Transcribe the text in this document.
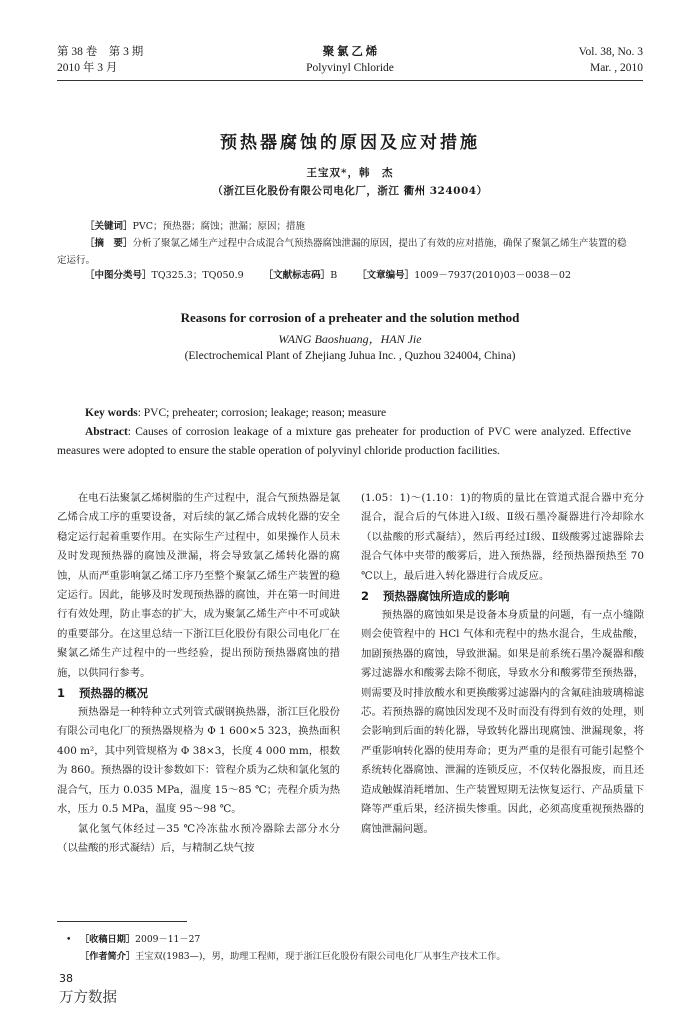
第 38 卷　第 3 期
2010 年 3 月
聚 氯 乙 烯
Polyvinyl Chloride
Vol. 38, No. 3
Mar. , 2010
预热器腐蚀的原因及应对措施
王宝双*，韩　杰
（浙江巨化股份有限公司电化厂，浙江 衢州 324004）
［关键词］PVC；预热器；腐蚀；泄漏；原因；措施
［摘　要］分析了聚氯乙烯生产过程中合成混合气预热器腐蚀泄漏的原因，提出了有效的应对措施，确保了聚氯乙烯生产装置的稳定运行。
［中图分类号］TQ325.3；TQ050.9 ［文献标志码］B ［文章编号］1009－7937(2010)03－0038－02
Reasons for corrosion of a preheater and the solution method
WANG Baoshuang，HAN Jie
(Electrochemical Plant of Zhejiang Juhua Inc. , Quzhou 324004, China)
Key words: PVC; preheater; corrosion; leakage; reason; measure
Abstract: Causes of corrosion leakage of a mixture gas preheater for production of PVC were analyzed. Effective measures were adopted to ensure the stable operation of polyvinyl chloride production facilities.

在电石法聚氯乙烯树脂的生产过程中，混合气预热器是氯乙烯合成工序的重要设备，对后续的氯乙烯合成转化器的安全稳定运行起着重要作用。在实际生产过程中，如果操作人员未及时发现预热器的腐蚀及泄漏，将会导致氯乙烯转化器的腐蚀，从而严重影响氯乙烯工序乃至整个聚氯乙烯生产装置的稳定运行。因此，能够及时发现预热器的腐蚀，并在第一时间进行有效处理，防止事态的扩大，成为聚氯乙烯生产中不可或缺的重要部分。在这里总结一下浙江巨化股份有限公司电化厂在聚氯乙烯生产过程中的一些经验，提出预防预热器腐蚀的措施，以供同行参考。

1 预热器的概况

预热器是一种特种立式列管式碳钢换热器，浙江巨化股份有限公司电化厂的预热器规格为 Φ 1 600×5 323，换热面积 400 m²，其中列管规格为 Φ 38×3，长度 4 000 mm，根数为 860。预热器的设计参数如下：管程介质为乙炔和氯化氢的混合气，压力 0.035 MPa，温度 15～85 ℃；壳程介质为热水，压力 0.5 MPa，温度 95～98 ℃。

氯化氢气体经过－35 ℃冷冻盐水预冷器除去部分水分（以盐酸的形式凝结）后，与精制乙炔气按

(1.05：1)～(1.10：1)的物质的量比在管道式混合器中充分混合，混合后的气体进入Ⅰ级、Ⅱ级石墨冷凝器进行冷却除水（以盐酸的形式凝结），然后再经过Ⅰ级、Ⅱ级酸雾过滤器除去混合气体中夹带的酸雾后，进入预热器，经预热器预热至 70 ℃以上，最后进入转化器进行合成反应。

2 预热器腐蚀所造成的影响

预热器的腐蚀如果是设备本身质量的问题，有一点小缝隙则会使管程中的 HCl 气体和壳程中的热水混合，生成盐酸，加剧预热器的腐蚀，导致泄漏。如果是前系统石墨冷凝器和酸雾过滤器水和酸雾去除不彻底，导致水分和酸雾带至预热器，则需要及时排放酸水和更换酸雾过滤器内的含氟硅油玻璃棉滤芯。若预热器的腐蚀因发现不及时而没有得到有效的处理，则会影响到后面的转化器，导致转化器出现腐蚀、泄漏现象，将严重影响转化器的使用寿命；更为严重的是很有可能引起整个系统转化器腐蚀、泄漏的连锁反应，不仅转化器报废，而且还造成触媒消耗增加、生产装置短期无法恢复运行、产品质量下降等严重后果，经济损失惨重。因此，必须高度重视预热器的腐蚀泄漏问题。

• ［收稿日期］2009－11－27
［作者简介］王宝双(1983—)，男，助理工程师，现于浙江巨化股份有限公司电化厂从事生产技术工作。
38
万方数据
